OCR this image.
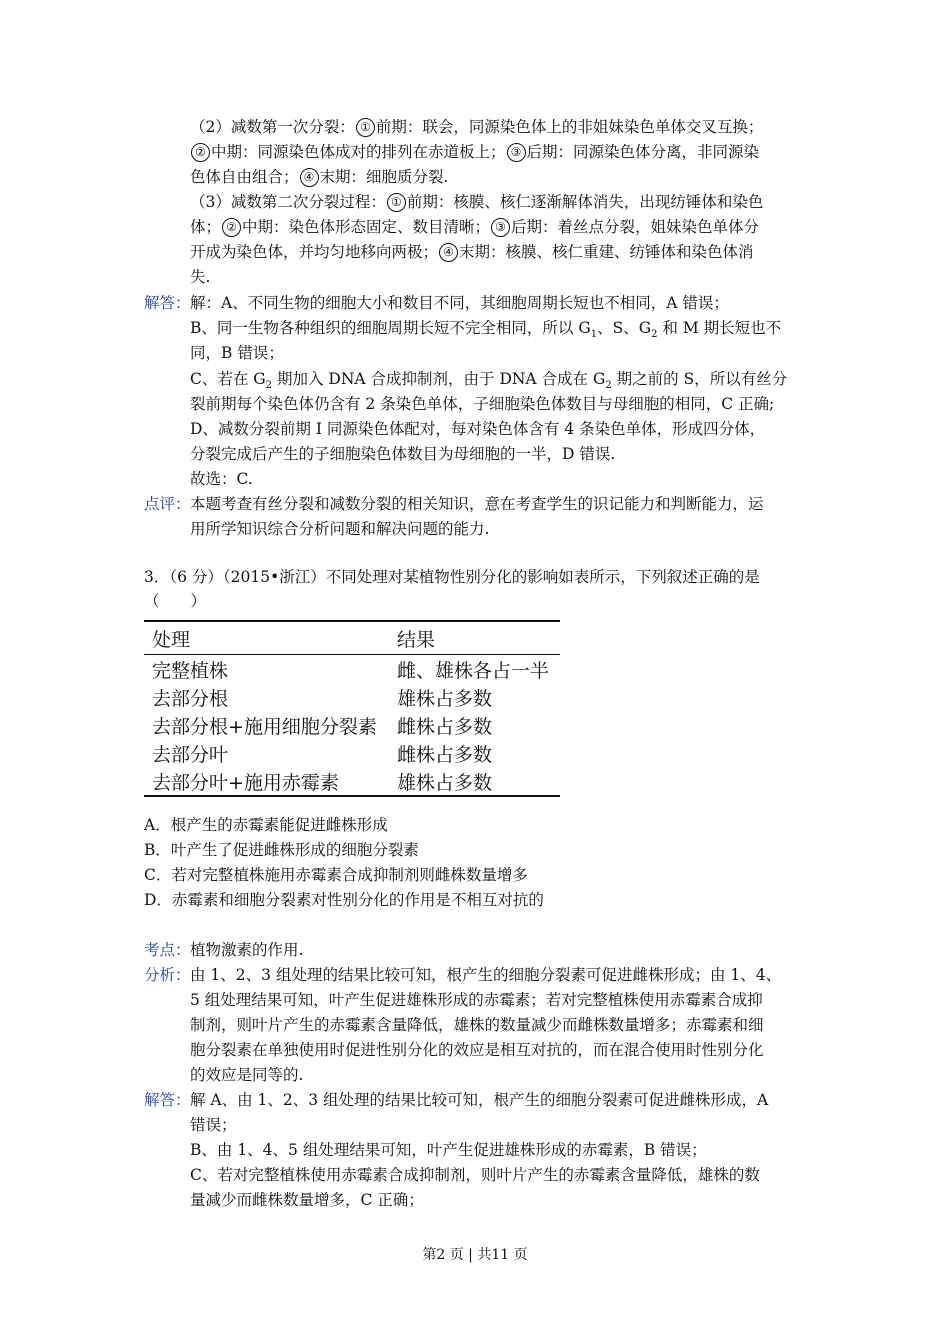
（2）减数第一次分裂： ① 前期：联会，同源染色体上的非姐妹染色单体交叉互换；
② 中期：同源染色体成对的排列在赤道板上； ③ 后期：同源染色体分离，非同源染
色体自由组合； ④ 末期：细胞质分裂.
（3）减数第二次分裂过程： ① 前期：核膜、核仁逐渐解体消失，出现纺锤体和染色
体； ② 中期：染色体形态固定、数目清晰； ③ 后期：着丝点分裂，姐妹染色单体分
开成为染色体，并均匀地移向两极； ④ 末期：核膜、核仁重建、纺锤体和染色体消
失.
解答： 解：A、不同生物的细胞大小和数目不同，其细胞周期长短也不相同，A 错误；
B、同一生物各种组织的细胞周期长短不完全相同，所以 $G_1$、S、$G_2$ 和 M 期长短也不
同，B 错误；
C、若在 $G_2$ 期加入 DNA 合成抑制剂，由于 DNA 合成在 $G_2$ 期之前的 S，所以有丝分
裂前期每个染色体仍含有 2 条染色单体，子细胞染色体数目与母细胞的相同，C 正确;
D、减数分裂前期 I 同源染色体配对，每对染色体含有 4 条染色单体，形成四分体，
分裂完成后产生的子细胞染色体数目为母细胞的一半，D 错误.
故选：C.
点评： 本题考查有丝分裂和减数分裂的相关知识，意在考查学生的识记能力和判断能力，运
用所学知识综合分析问题和解决问题的能力.
3．（6 分）（2015•浙江）不同处理对某植物性别分化的影响如表所示，下列叙述正确的是
（　　）
处理	结果
完整植株	雌、雄株各占一半
去部分根	雄株占多数
去部分根+施用细胞分裂素	雌株占多数
去部分叶	雌株占多数
去部分叶+施用赤霉素	雄株占多数
A．根产生的赤霉素能促进雌株形成
B．叶产生了促进雌株形成的细胞分裂素
C．若对完整植株施用赤霉素合成抑制剂则雌株数量增多
D．赤霉素和细胞分裂素对性别分化的作用是不相互对抗的
考点： 植物激素的作用.
分析： 由 1、2、3 组处理的结果比较可知，根产生的细胞分裂素可促进雌株形成；由 1、4、
5 组处理结果可知，叶产生促进雄株形成的赤霉素；若对完整植株使用赤霉素合成抑
制剂，则叶片产生的赤霉素含量降低，雄株的数量减少而雌株数量增多；赤霉素和细
胞分裂素在单独使用时促进性别分化的效应是相互对抗的，而在混合使用时性别分化
的效应是同等的.
解答： 解 A、由 1、2、3 组处理的结果比较可知，根产生的细胞分裂素可促进雌株形成，A
错误；
B、由 1、4、5 组处理结果可知，叶产生促进雄株形成的赤霉素，B 错误；
C、若对完整植株使用赤霉素合成抑制剂，则叶片产生的赤霉素含量降低，雄株的数
量减少而雌株数量增多，C 正确；
第2 页 | 共11 页
